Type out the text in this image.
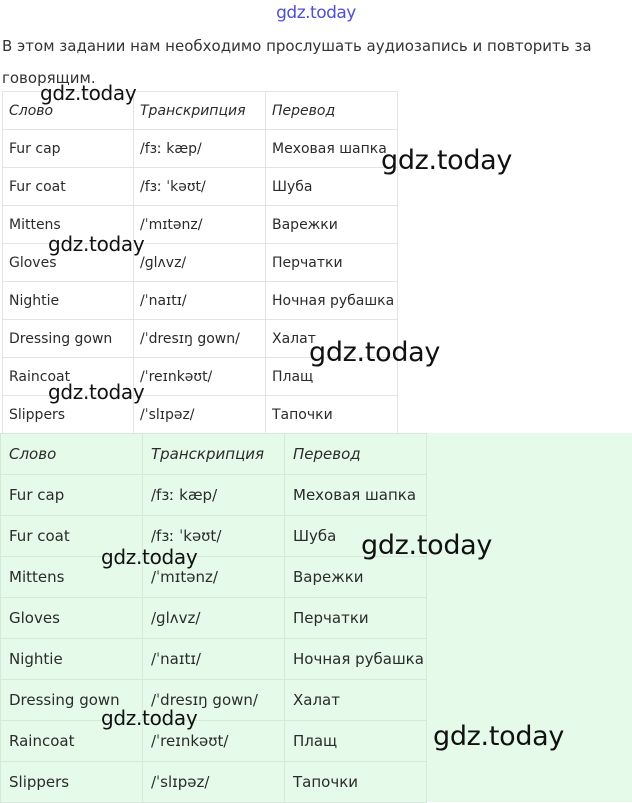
gdz.today
В этом задании нам необходимо прослушать аудиозапись и повторить за говорящим.
Слово	Транскрипция	Перевод
Fur cap	/fɜː kæp/	Меховая шапка
Fur coat	/fɜː ˈkəʊt/	Шуба
Mittens	/ˈmɪtənz/	Варежки
Gloves	/ɡlʌvz/	Перчатки
Nightie	/ˈnaɪtɪ/	Ночная рубашка
Dressing gown	/ˈdresɪŋ gown/	Халат
Raincoat	/ˈreɪnkəʊt/	Плащ
Slippers	/ˈslɪpəz/	Тапочки
Слово	Транскрипция	Перевод
Fur cap	/fɜː kæp/	Меховая шапка
Fur coat	/fɜː ˈkəʊt/	Шуба
Mittens	/ˈmɪtənz/	Варежки
Gloves	/ɡlʌvz/	Перчатки
Nightie	/ˈnaɪtɪ/	Ночная рубашка
Dressing gown	/ˈdresɪŋ gown/	Халат
Raincoat	/ˈreɪnkəʊt/	Плащ
Slippers	/ˈslɪpəz/	Тапочки
gdz.today
gdz.today
gdz.today
gdz.today
gdz.today
gdz.today
gdz.today
gdz.today
gdz.today
